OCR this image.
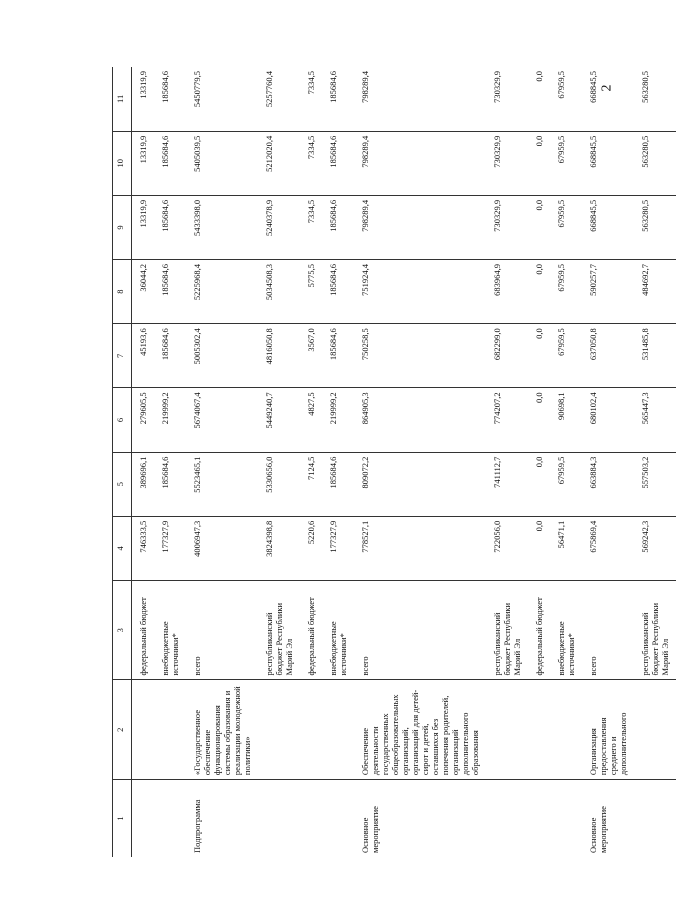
2
1	2	3	4	5	6	7	8	9	10	11
		федеральный бюджет	746333,5	389696,1	279605,5	45193,6	36044,2	13319,9	13319,9	13319,9
		внебюджетные источники*	177327,9	185684,6	219999,2	185684,6	185684,6	185684,6	185684,6	185684,6
Подпрограмма	«Государственное обеспечение функционирования системы образования и реализации молодежной политики»	всего	4006947,3	5523465,1	5674067,4	5005302,4	5225968,4	5433398,0	5405039,5	5450779,5
		республиканский бюджет Республики Марий Эл	3824398,8	5330656,0	5449240,7	4816050,8	5034508,3	5240378,9	5212020,4	5257760,4
		федеральный бюджет	5220,6	7124,5	4827,5	3567,0	5775,5	7334,5	7334,5	7334,5
		внебюджетные источники*	177327,9	185684,6	219999,2	185684,6	185684,6	185684,6	185684,6	185684,6
Основное мероприятие	Обеспечение деятельности государственных общеобразовательных организаций, организаций для детей-сирот и детей, оставшихся без попечения родителей, организаций дополнительного образования	всего	778527,1	809072,2	864905,3	750258,5	751924,4	798289,4	798289,4	798289,4
		республиканский бюджет Республики Марий Эл	722056,0	741112,7	774207,2	682299,0	683964,9	730329,9	730329,9	730329,9
		федеральный бюджет	0,0	0,0	0,0	0,0	0,0	0,0	0,0	0,0
		внебюджетные источники*	56471,1	67959,5	90698,1	67959,5	67959,5	67959,5	67959,5	67959,5
Основное мероприятие	Организация предоставления среднего и дополнительного	всего	675869,4	663884,3	680102,4	637050,8	590257,7	668845,5	668845,5	668845,5
		республиканский бюджет Республики Марий Эл	569242,3	557503,2	565447,3	531485,8	484692,7	563280,5	563280,5	563280,5
